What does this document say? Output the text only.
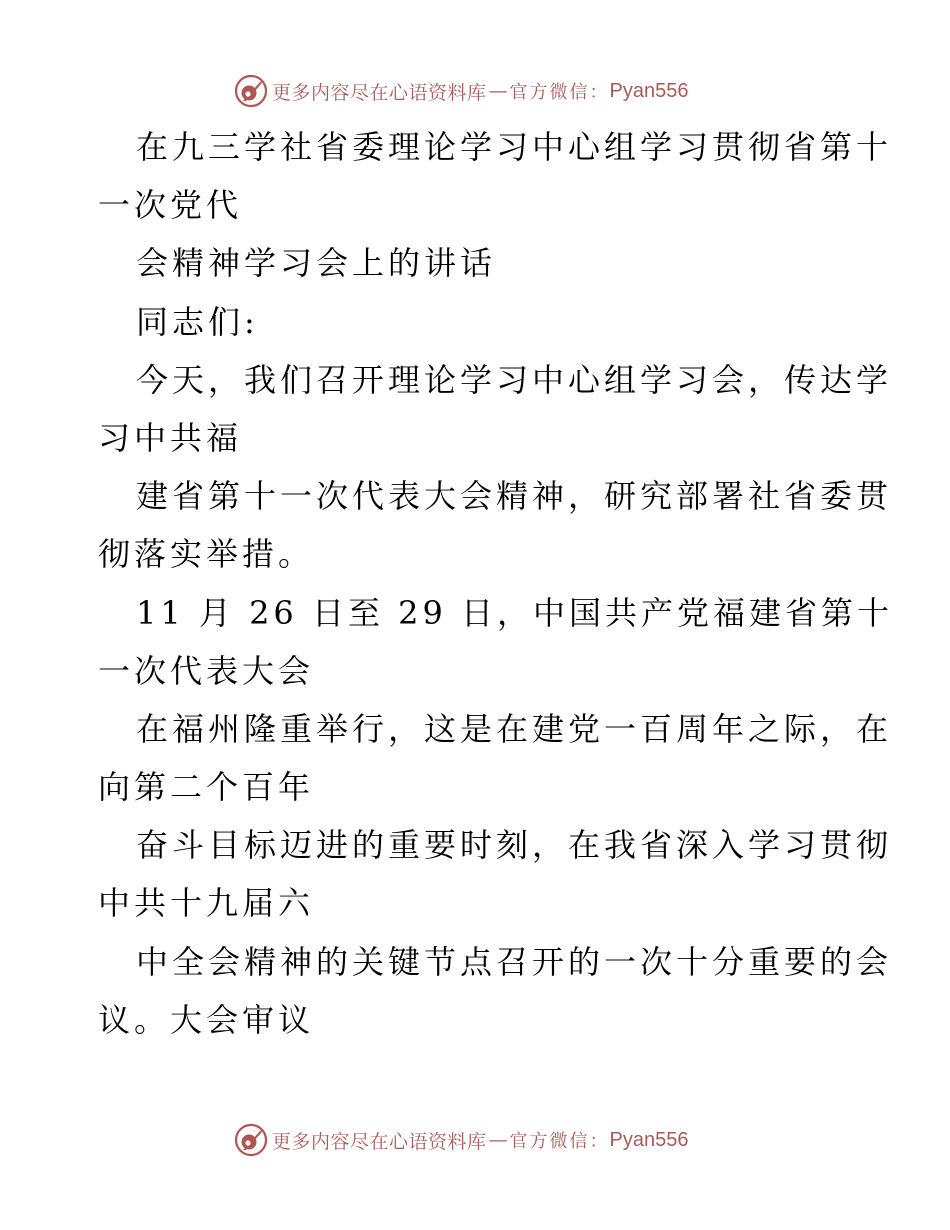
更多内容尽在心语资料库 — 官方微信： Pyan556
在九三学社省委理论学习中心组学习贯彻省第十
一次党代
会精神学习会上的讲话
同志们:
今天，我们召开理论学习中心组学习会，传达学
习中共福
建省第十一次代表大会精神，研究部署社省委贯
彻落实举措。
11 月 26 日至 29 日，中国共产党福建省第十
一次代表大会
在福州隆重举行，这是在建党一百周年之际，在
向第二个百年
奋斗目标迈进的重要时刻，在我省深入学习贯彻
中共十九届六
中全会精神的关键节点召开的一次十分重要的会
议。大会审议
更多内容尽在心语资料库 — 官方微信： Pyan556
